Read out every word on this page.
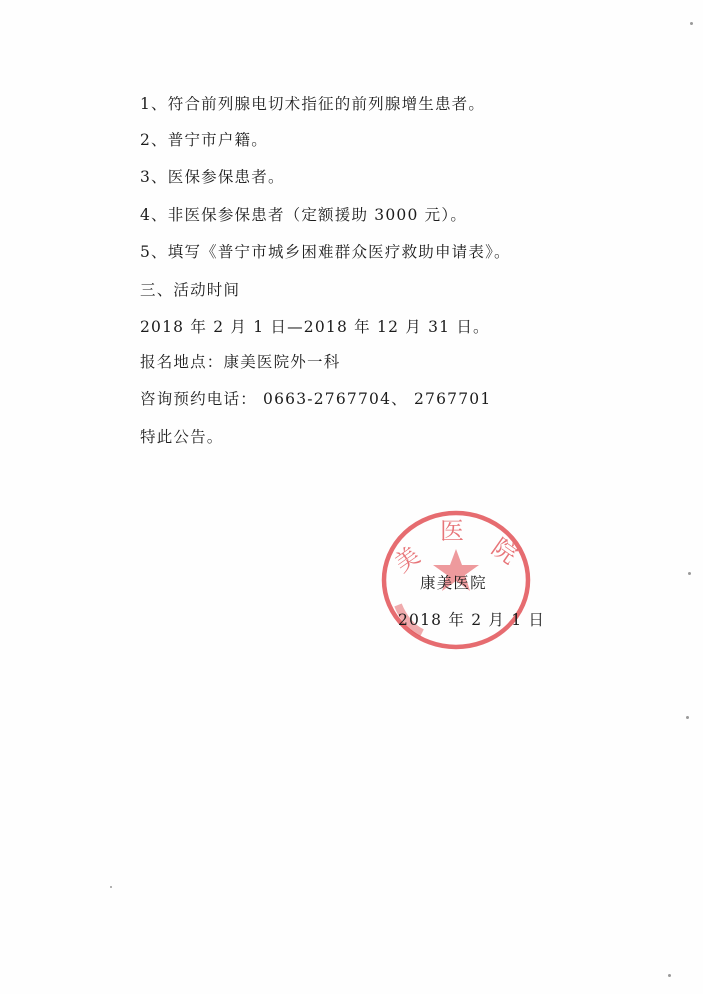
1、符合前列腺电切术指征的前列腺增生患者。
2、普宁市户籍。
3、医保参保患者。
4、非医保参保患者（定额援助 3000 元）。
5、填写《普宁市城乡困难群众医疗救助申请表》。
三、活动时间
2018 年 2 月 1 日—2018 年 12 月 31 日。
报名地点：康美医院外一科
咨询预约电话： 0663-2767704、 2767701
特此公告。
美
医
院
康美医院
2018 年 2 月 1 日
